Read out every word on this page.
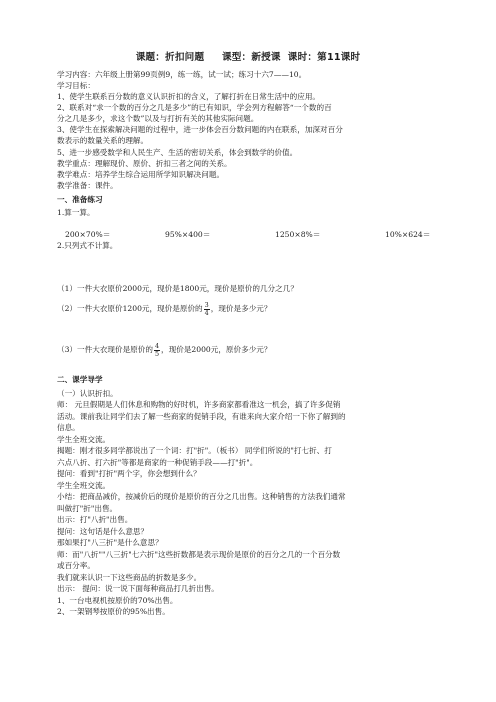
课题：折扣问题     课型：新授课  课时：第11课时
学习内容：六年级上册第99页例9，练一练，试一试；练习十六7——10。
学习目标：
1、使学生联系百分数的意义认识折扣的含义，了解打折在日常生活中的应用。
2、联系对“求一个数的百分之几是多少”的已有知识，学会列方程解答“一个数的百
分之几是多少，求这个数”以及与打折有关的其他实际问题。
3、使学生在探索解决问题的过程中，进一步体会百分数问题的内在联系，加深对百分
数表示的数量关系的理解。
5、进一步感受数学和人民生产、生活的密切关系，体会到数学的价值。
教学重点：理解现价、原价、折扣三者之间的关系。
教学难点：培养学生综合运用所学知识解决问题。
教学准备：课件。
一、准备练习
1.算一算。
200×70%＝	95%×400＝	1250×8%＝	10%×624＝
2.只列式不计算。
（1）一件大衣原价2000元，现价是1800元，现价是原价的几分之几？
（2）一件大衣原价1200元，现价是原价的 $\frac{3}{4}$ ，现价是多少元？
（3）一件大衣现价是原价的 $\frac{4}{5}$ ，现价是2000元，原价多少元？
二、课学导学
（一）认识折扣。
师： 元旦假期是人们休息和购物的好时机，许多商家都看准这一机会，搞了许多促销
活动。课前我让同学们去了解一些商家的促销手段，有谁来向大家介绍一下你了解到的
信息。
学生全班交流。
揭题：刚才很多同学都说出了一个词：打"折"。（板书） 同学们所说的"打七折、打
六点八折、打六折"等都是商家的一种促销手段——打"折"。
提问：看到"打折"两个字，你会想到什么？
学生全班交流。
小结：把商品减价，按减价后的现价是原价的百分之几出售。这种销售的方法我们通常
叫做打"折"出售。
出示：打"八折"出售。
提问：这句话是什么意思？
那如果打"八三折"是什么意思？
师：而"八折""八三折"七六折"这些折数都是表示现价是原价的百分之几的一个百分数
或百分率。
我们就来认识一下这些商品的折数是多少。
出示： 提问：说一说下面每种商品打几折出售。
1、一台电视机按原价的70%出售。
2、一架钢琴按原价的95%出售。
